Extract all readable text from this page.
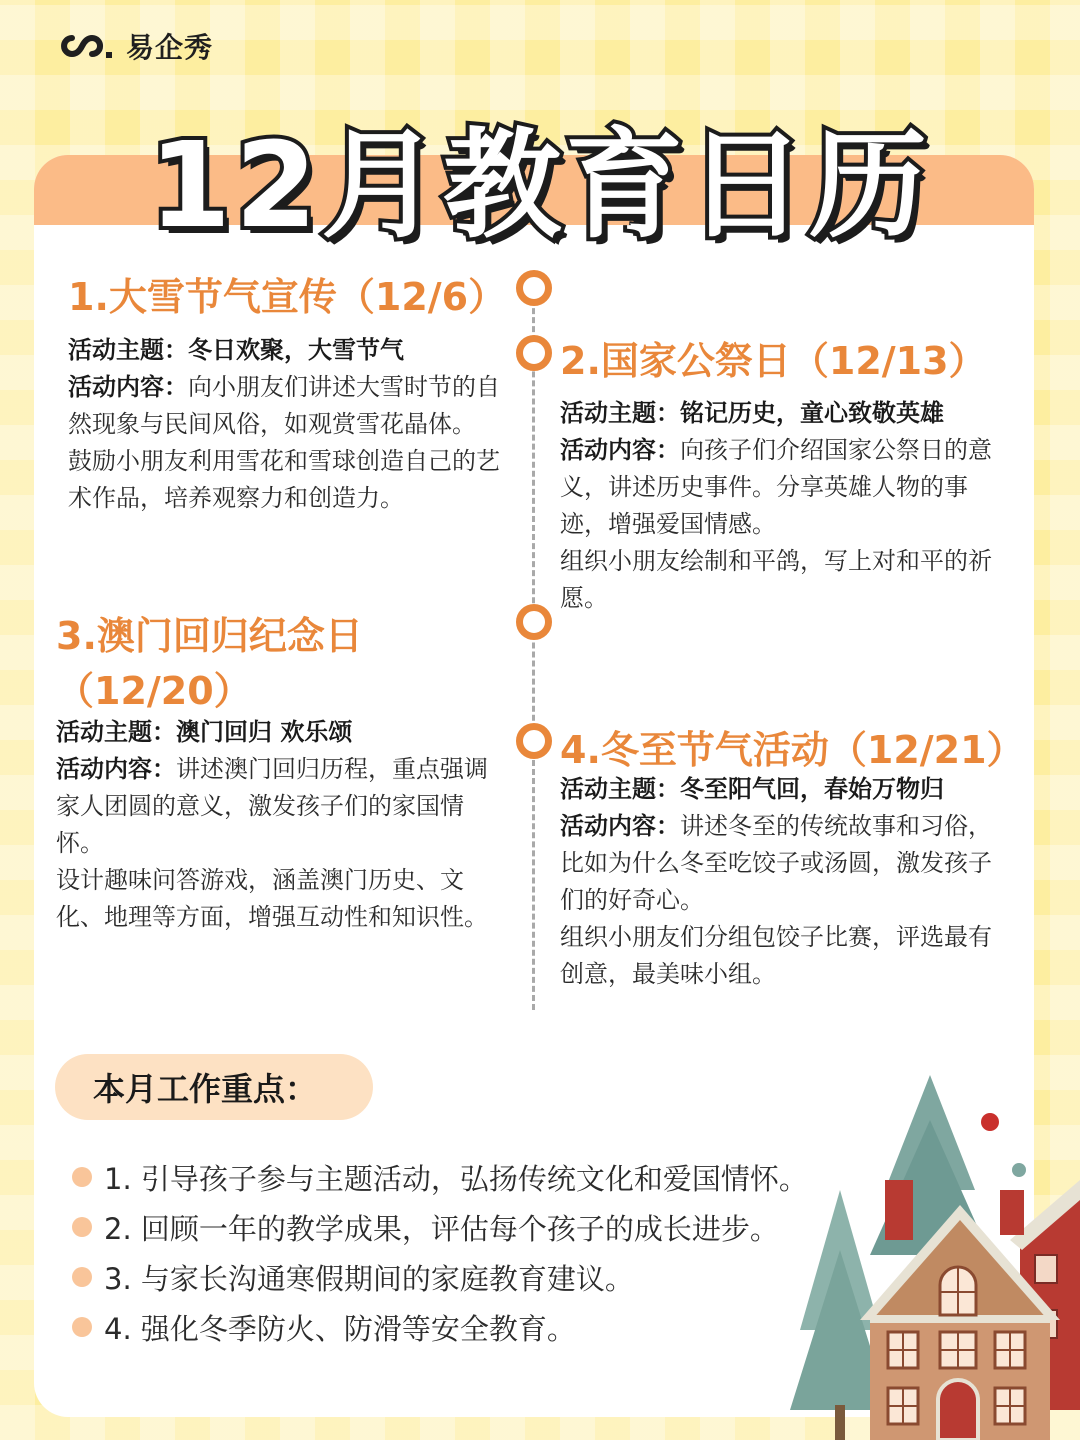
易企秀
12月教育日历
1.大雪节气宣传（12/6）

活动主题：冬日欢聚，大雪节气

活动内容：向小朋友们讲述大雪时节的自然现象与民间风俗，如观赏雪花晶体。

鼓励小朋友利用雪花和雪球创造自己的艺术作品，培养观察力和创造力。

2.国家公祭日（12/13）

活动主题：铭记历史，童心致敬英雄

活动内容：向孩子们介绍国家公祭日的意义，讲述历史事件。分享英雄人物的事迹，增强爱国情感。

组织小朋友绘制和平鸽，写上对和平的祈愿。

3.澳门回归纪念日
（12/20）

活动主题：澳门回归 欢乐颂

活动内容：讲述澳门回归历程，重点强调家人团圆的意义，激发孩子们的家国情怀。

设计趣味问答游戏，涵盖澳门历史、文化、地理等方面，增强互动性和知识性。

4.冬至节气活动（12/21）

活动主题：冬至阳气回，春始万物归

活动内容：讲述冬至的传统故事和习俗，比如为什么冬至吃饺子或汤圆，激发孩子们的好奇心。

组织小朋友们分组包饺子比赛，评选最有创意，最美味小组。

本月工作重点：
1. 引导孩子参与主题活动，弘扬传统文化和爱国情怀。
2. 回顾一年的教学成果，评估每个孩子的成长进步。
3. 与家长沟通寒假期间的家庭教育建议。
4. 强化冬季防火、防滑等安全教育。
